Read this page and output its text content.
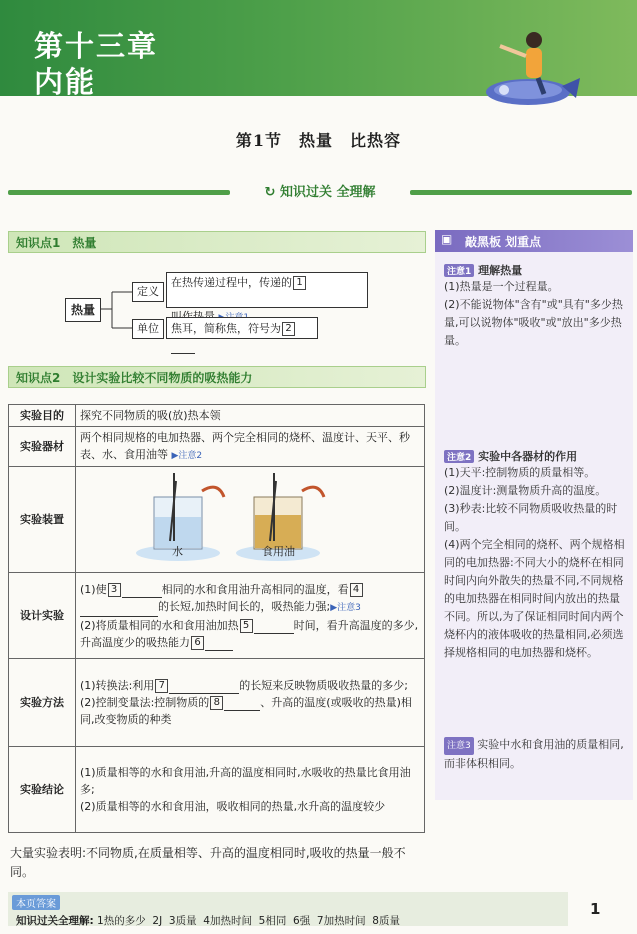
第十三章
内能
第1节　热量　比热容
↻ 知识过关 全理解
知识点1　热量
热量
定义
单位
在热传递过程中，传递的 1

焦耳，简称焦，符号为 2
知识点2　设计实验比较不同物质的吸热能力
实验目的	探究不同物质的吸(放)热本领
实验器材	两个相同规格的电加热器、两个完全相同的烧杯、温度计、天平、秒表、水、食用油等 ▶注意2
实验装置	水 食用油

设计实验	(1)使 3 相同的水和食用油升高相同的温度，看 4的长短,加热时间长的，吸热能力强;▶注意3
(2)将质量相同的水和食用油加热 5 时间，看升高温度的多少,升高温度少的吸热能力 6
实验方法	(1)转换法:利用 7 的长短来反映物质吸收热量的多少;
(2)控制变量法:控制物质的 8 、升高的温度(或吸收的热量)相同,改变物质的种类
实验结论	(1)质量相等的水和食用油,升高的温度相同时,水吸收的热量比食用油多;
(2)质量相等的水和食用油，吸收相同的热量,水升高的温度较少
大量实验表明:不同物质,在质量相等、升高的温度相同时,吸收的热量一般不同。
敲黑板 划重点
▣
注意1 理解热量
(1)热量是一个过程量。
(2)不能说物体"含有"或"具有"多少热量,可以说物体"吸收"或"放出"多少热量。
注意2 实验中各器材的作用
(1)天平:控制物质的质量相等。
(2)温度计:测量物质升高的温度。
(3)秒表:比较不同物质吸收热量的时间。
(4)两个完全相同的烧杯、两个规格相同的电加热器:不同大小的烧杯在相同时间内向外散失的热量不同,不同规格的电加热器在相同时间内放出的热量不同。所以,为了保证相同时间内两个烧杯内的液体吸收的热量相同,必须选择规格相同的电加热器和烧杯。
注意3 实验中水和食用油的质量相同,而非体积相同。
本页答案
知识过关全理解: 1热的多少 2J 3质量 4加热时间 5相同 6强 7加热时间 8质量
1
